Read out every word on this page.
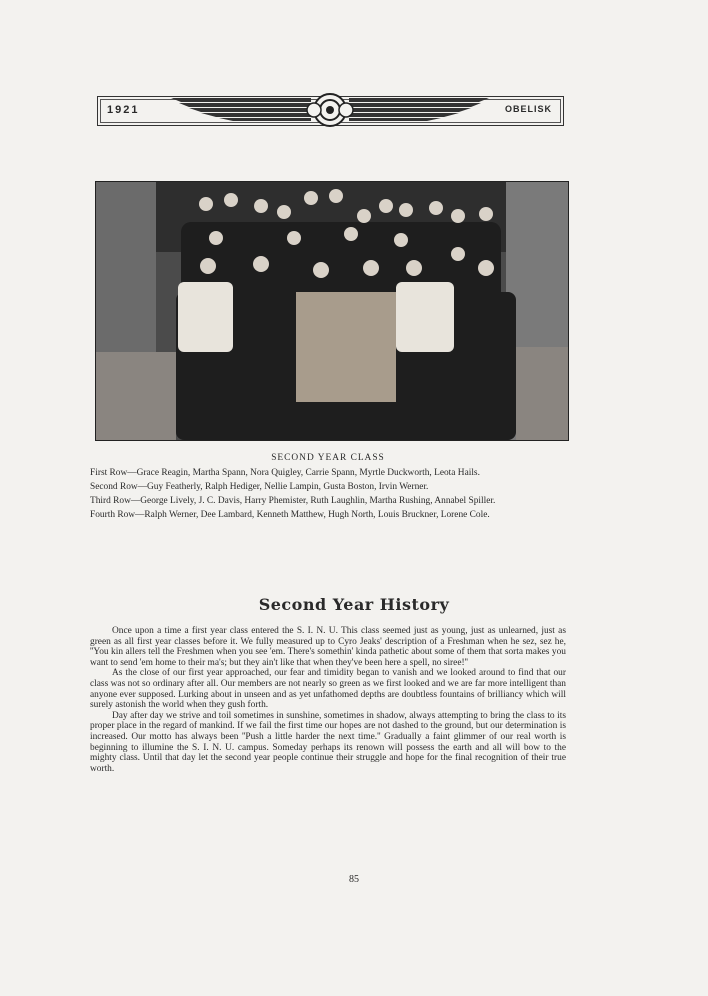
1921	OBELISK
SECOND YEAR CLASS
First Row—Grace Reagin, Martha Spann, Nora Quigley, Carrie Spann, Myrtle Duckworth, Leota Hails.
Second Row—Guy Featherly, Ralph Hediger, Nellie Lampin, Gusta Boston, Irvin Werner.
Third Row—George Lively, J. C. Davis, Harry Phemister, Ruth Laughlin, Martha Rushing, Annabel Spiller.
Fourth Row—Ralph Werner, Dee Lambard, Kenneth Matthew, Hugh North, Louis Bruckner, Lorene Cole.
Second Year History

Once upon a time a first year class entered the S. I. N. U. This class seemed just as young, just as unlearned, just as green as all first year classes before it. We fully measured up to Cyro Jeaks' description of a Freshman when he sez, sez he, ''You kin allers tell the Freshmen when you see 'em. There's somethin' kinda pathetic about some of them that sorta makes you want to send 'em home to their ma's; but they ain't like that when they've been here a spell, no siree!''

As the close of our first year approached, our fear and timidity began to vanish and we looked around to find that our class was not so ordinary after all. Our members are not nearly so green as we first looked and we are far more intelligent than anyone ever supposed. Lurking about in unseen and as yet unfathomed depths are doubtless fountains of brilliancy which will surely astonish the world when they gush forth.

Day after day we strive and toil sometimes in sunshine, sometimes in shadow, always attempting to bring the class to its proper place in the regard of mankind. If we fail the first time our hopes are not dashed to the ground, but our determination is increased. Our motto has always been ''Push a little harder the next time.'' Gradually a faint glimmer of our real worth is beginning to illumine the S. I. N. U. campus. Someday perhaps its renown will possess the earth and all will bow to the mighty class. Until that day let the second year people continue their struggle and hope for the final recognition of their true worth.

85
